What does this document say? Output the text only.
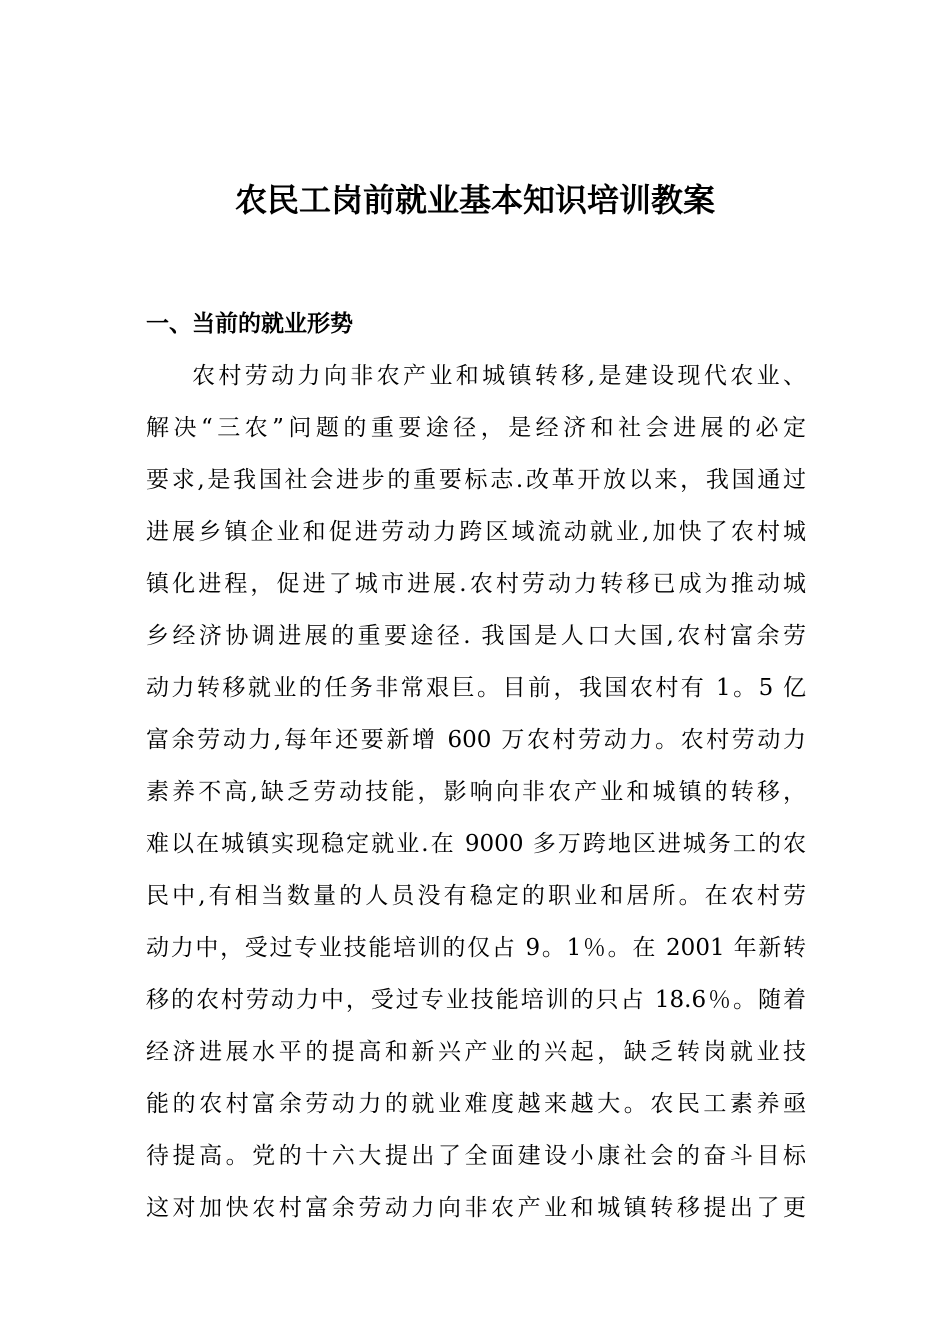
农民工岗前就业基本知识培训教案
一、当前的就业形势
农村劳动力向非农产业和城镇转移,是建设现代农业、
解决“三农”问题的重要途径，是经济和社会进展的必定
要求,是我国社会进步的重要标志.改革开放以来，我国通过
进展乡镇企业和促进劳动力跨区域流动就业,加快了农村城
镇化进程，促进了城市进展.农村劳动力转移已成为推动城
乡经济协调进展的重要途径. 我国是人口大国,农村富余劳
动力转移就业的任务非常艰巨。目前，我国农村有 1。5 亿
富余劳动力,每年还要新增 600 万农村劳动力。农村劳动力
素养不高,缺乏劳动技能，影响向非农产业和城镇的转移，
难以在城镇实现稳定就业.在 9000 多万跨地区进城务工的农
民中,有相当数量的人员没有稳定的职业和居所。在农村劳
动力中，受过专业技能培训的仅占 9。1％。在 2001 年新转
移的农村劳动力中，受过专业技能培训的只占 18.6％。随着
经济进展水平的提高和新兴产业的兴起，缺乏转岗就业技
能的农村富余劳动力的就业难度越来越大。农民工素养亟
待提高。党的十六大提出了全面建设小康社会的奋斗目标
这对加快农村富余劳动力向非农产业和城镇转移提出了更
